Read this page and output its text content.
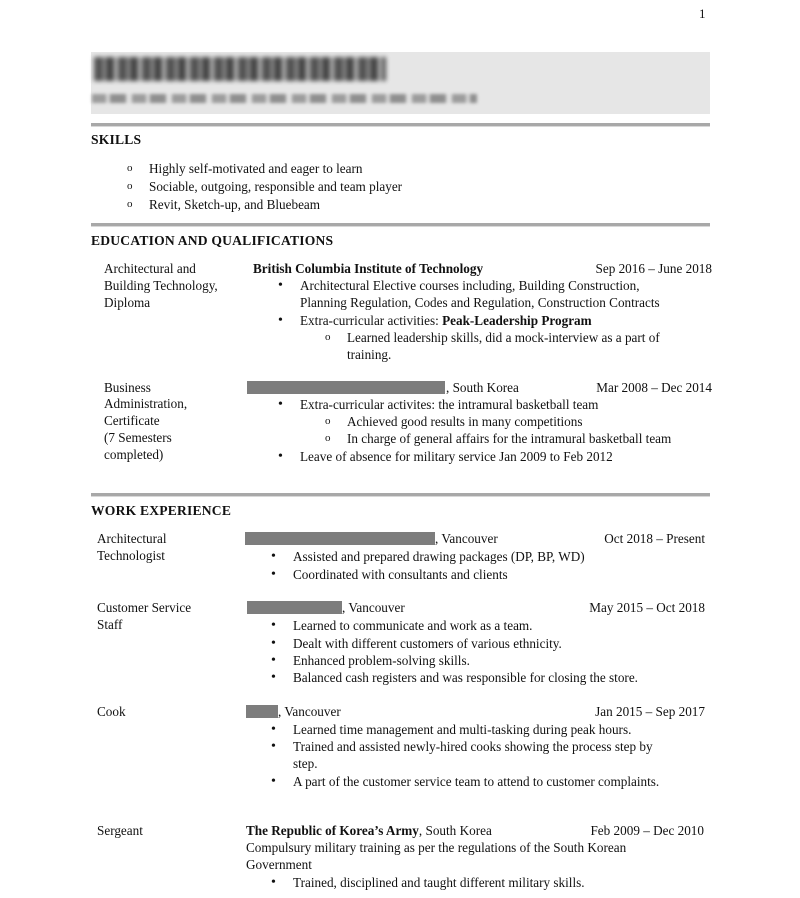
1
SKILLS
o Highly self-motivated and eager to learn
o Sociable, outgoing, responsible and team player
o Revit, Sketch-up, and Bluebeam
EDUCATION AND QUALIFICATIONS
Architectural and
Building Technology,
Diploma
British Columbia Institute of Technology	Sep 2016 – June 2018
• Architectural Elective courses including, Building Construction,
Planning Regulation, Codes and Regulation, Construction Contracts
• Extra-curricular activities: Peak-Leadership Program
o Learned leadership skills, did a mock-interview as a part of
training.
Business
Administration,
Certificate
(7 Semesters
completed)
, South Korea	Mar 2008 – Dec 2014
• Extra-curricular activites: the intramural basketball team
o Achieved good results in many competitions
o In charge of general affairs for the intramural basketball team
• Leave of absence for military service Jan 2009 to Feb 2012
WORK EXPERIENCE
Architectural
Technologist
, Vancouver	Oct 2018 – Present
• Assisted and prepared drawing packages (DP, BP, WD)
• Coordinated with consultants and clients
Customer Service
Staff
, Vancouver	May 2015 – Oct 2018
• Learned to communicate and work as a team.
• Dealt with different customers of various ethnicity.
• Enhanced problem-solving skills.
• Balanced cash registers and was responsible for closing the store.
Cook	, Vancouver	Jan 2015 – Sep 2017
• Learned time management and multi-tasking during peak hours.
• Trained and assisted newly-hired cooks showing the process step by
step.
• A part of the customer service team to attend to customer complaints.
Sergeant	The Republic of Korea’s Army, South Korea	Feb 2009 – Dec 2010
Compulsury military training as per the regulations of the South Korean
Government
• Trained, disciplined and taught different military skills.
